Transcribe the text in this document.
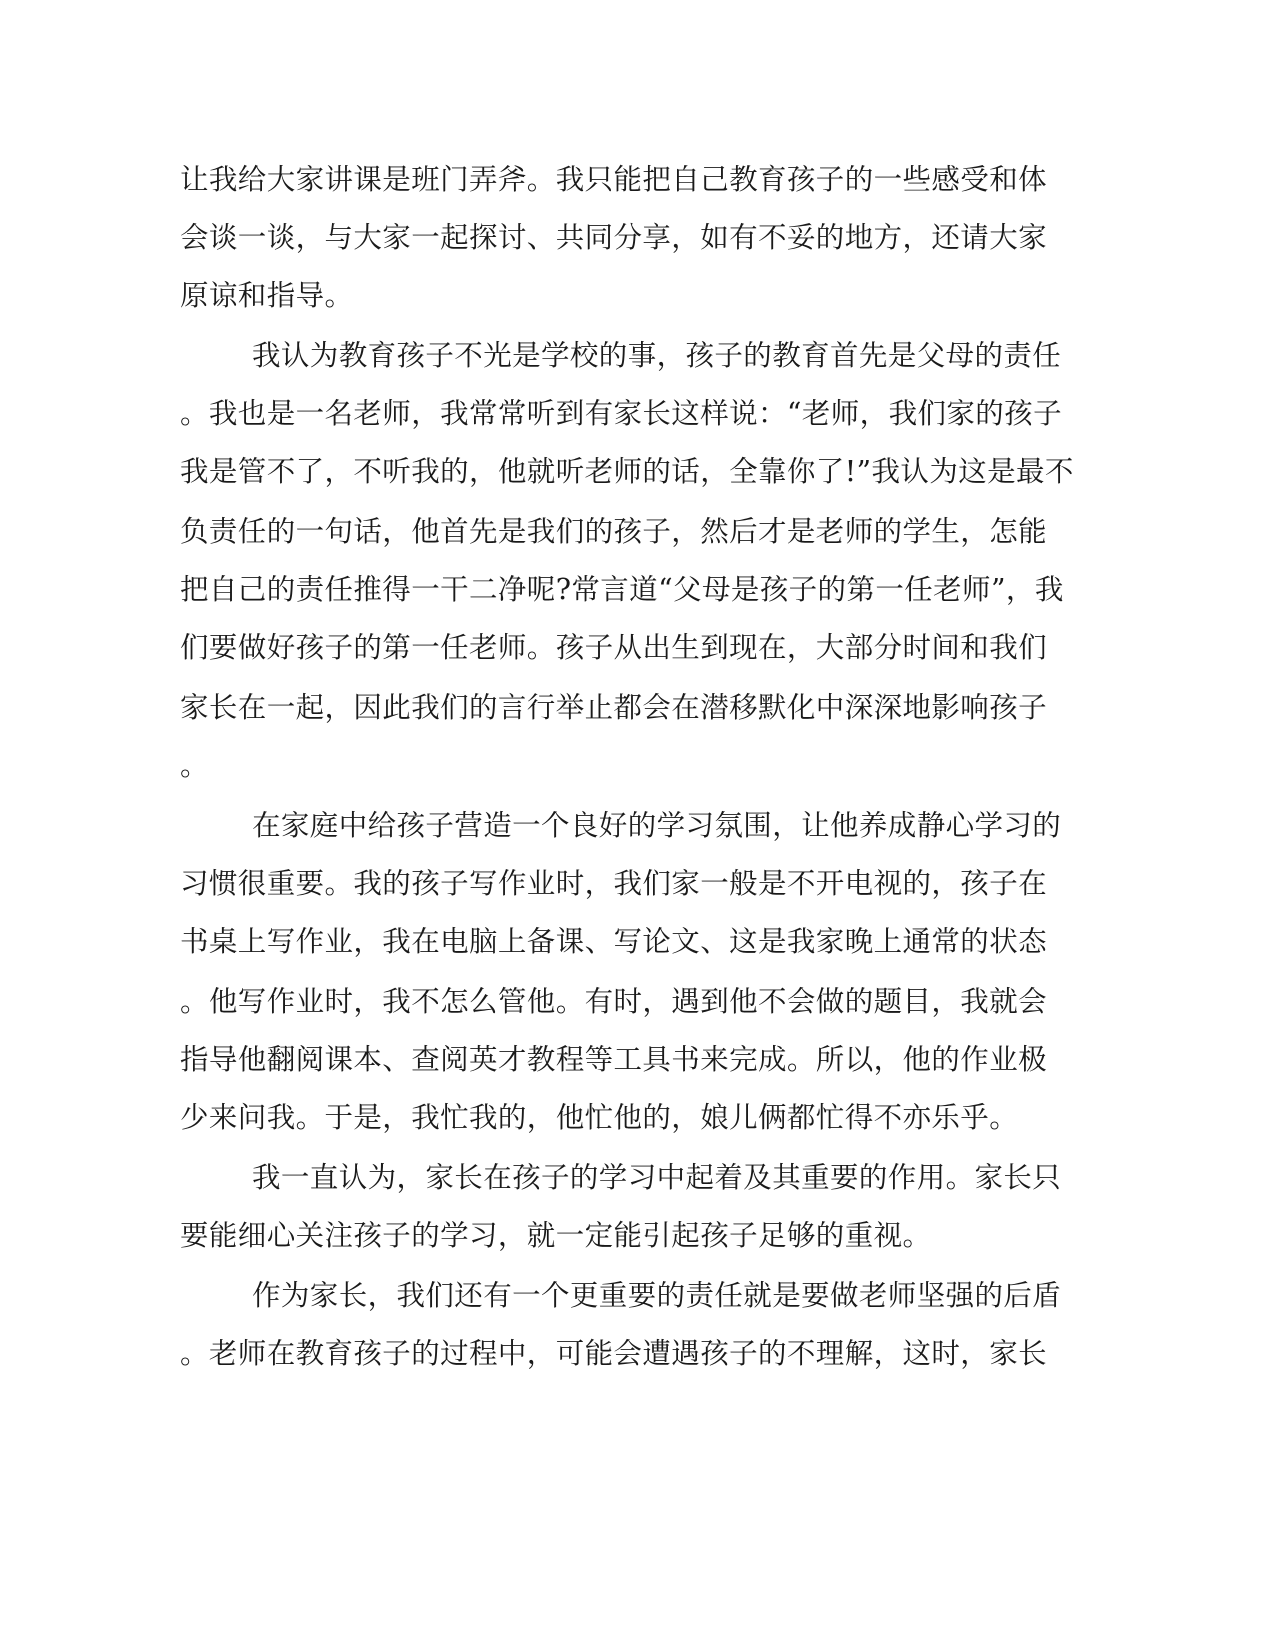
让我给大家讲课是班门弄斧。我只能把自己教育孩子的一些感受和体
会谈一谈，与大家一起探讨、共同分享，如有不妥的地方，还请大家
原谅和指导。
我认为教育孩子不光是学校的事，孩子的教育首先是父母的责任
。我也是一名老师，我常常听到有家长这样说：“老师，我们家的孩子
我是管不了，不听我的，他就听老师的话，全靠你了!”我认为这是最不
负责任的一句话，他首先是我们的孩子，然后才是老师的学生，怎能
把自己的责任推得一干二净呢?常言道“父母是孩子的第一任老师”，我
们要做好孩子的第一任老师。孩子从出生到现在，大部分时间和我们
家长在一起，因此我们的言行举止都会在潜移默化中深深地影响孩子
。
在家庭中给孩子营造一个良好的学习氛围，让他养成静心学习的
习惯很重要。我的孩子写作业时，我们家一般是不开电视的，孩子在
书桌上写作业，我在电脑上备课、写论文、这是我家晚上通常的状态
。他写作业时，我不怎么管他。有时，遇到他不会做的题目，我就会
指导他翻阅课本、查阅英才教程等工具书来完成。所以，他的作业极
少来问我。于是，我忙我的，他忙他的，娘儿俩都忙得不亦乐乎。
我一直认为，家长在孩子的学习中起着及其重要的作用。家长只
要能细心关注孩子的学习，就一定能引起孩子足够的重视。
作为家长，我们还有一个更重要的责任就是要做老师坚强的后盾
。老师在教育孩子的过程中，可能会遭遇孩子的不理解，这时，家长
